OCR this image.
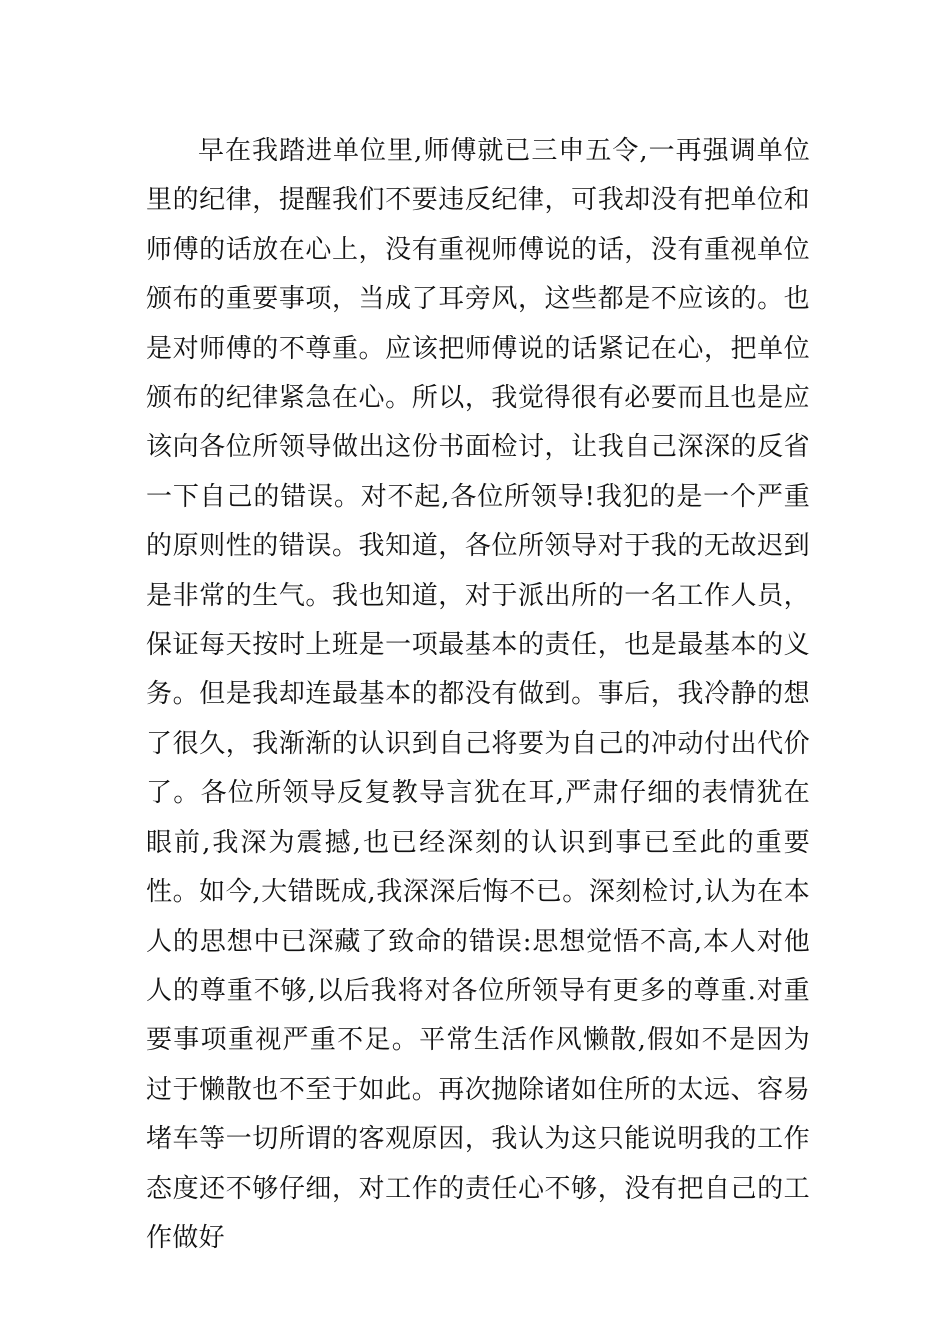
早在我踏进单位里,师傅就已三申五令,一再强调单位里的纪律，提醒我们不要违反纪律，可我却没有把单位和师傅的话放在心上，没有重视师傅说的话，没有重视单位颁布的重要事项，当成了耳旁风，这些都是不应该的。也是对师傅的不尊重。应该把师傅说的话紧记在心，把单位颁布的纪律紧急在心。所以，我觉得很有必要而且也是应该向各位所领导做出这份书面检讨，让我自己深深的反省一下自己的错误。对不起,各位所领导!我犯的是一个严重的原则性的错误。我知道，各位所领导对于我的无故迟到是非常的生气。我也知道，对于派出所的一名工作人员，保证每天按时上班是一项最基本的责任，也是最基本的义务。但是我却连最基本的都没有做到。事后，我冷静的想了很久，我渐渐的认识到自己将要为自己的冲动付出代价了。各位所领导反复教导言犹在耳,严肃仔细的表情犹在眼前,我深为震撼,也已经深刻的认识到事已至此的重要性。如今,大错既成,我深深后悔不已。深刻检讨,认为在本人的思想中已深藏了致命的错误:思想觉悟不高,本人对他人的尊重不够,以后我将对各位所领导有更多的尊重.对重要事项重视严重不足。平常生活作风懒散,假如不是因为过于懒散也不至于如此。再次抛除诸如住所的太远、容易堵车等一切所谓的客观原因，我认为这只能说明我的工作态度还不够仔细，对工作的责任心不够，没有把自己的工作做好
